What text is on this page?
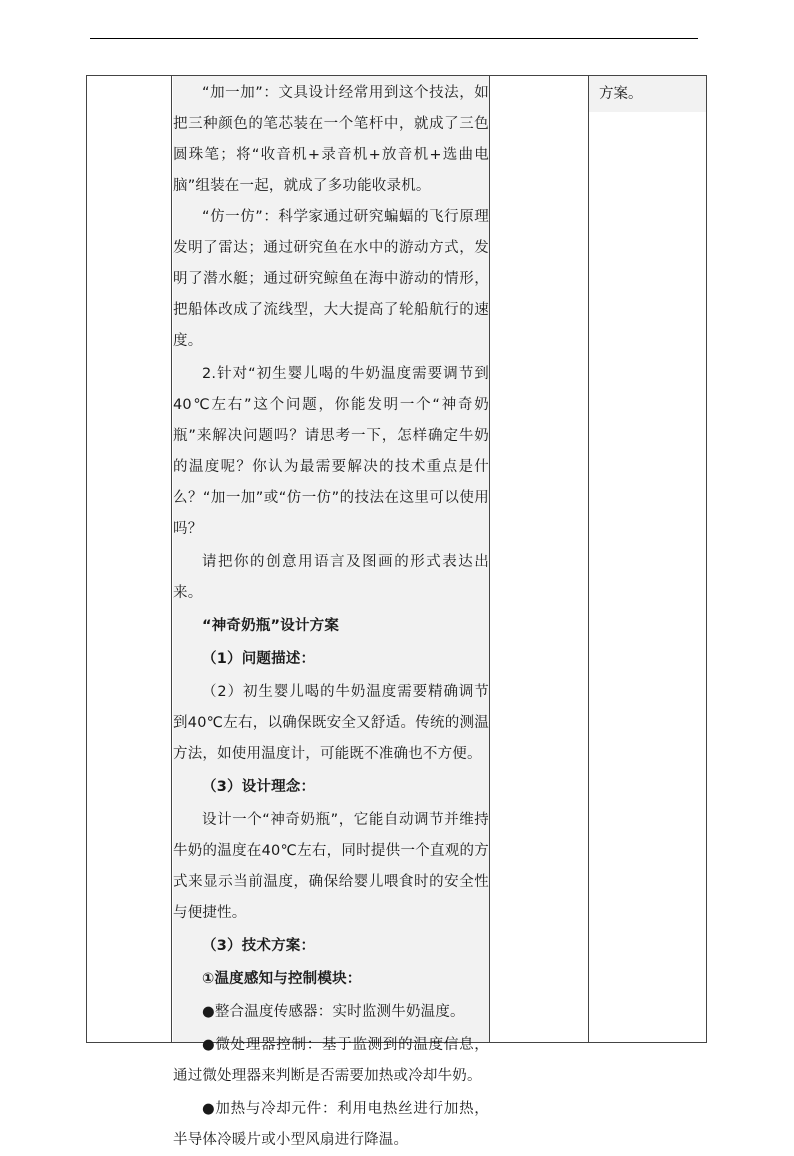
“加一加”：文具设计经常用到这个技法，如把三种颜色的笔芯装在一个笔杆中，就成了三色圆珠笔；将“收音机+录音机+放音机+选曲电脑”组装在一起，就成了多功能收录机。

“仿一仿”：科学家通过研究蝙蝠的飞行原理发明了雷达；通过研究鱼在水中的游动方式，发明了潜水艇；通过研究鲸鱼在海中游动的情形，把船体改成了流线型，大大提高了轮船航行的速度。

2.针对“初生婴儿喝的牛奶温度需要调节到40℃左右”这个问题，你能发明一个“神奇奶瓶”来解决问题吗？请思考一下，怎样确定牛奶的温度呢？你认为最需要解决的技术重点是什么？“加一加”或“仿一仿”的技法在这里可以使用吗？

请把你的创意用语言及图画的形式表达出来。

“神奇奶瓶”设计方案

（1）问题描述：

（2）初生婴儿喝的牛奶温度需要精确调节到40℃左右，以确保既安全又舒适。传统的测温方法，如使用温度计，可能既不准确也不方便。

（3）设计理念：

设计一个“神奇奶瓶”，它能自动调节并维持牛奶的温度在40℃左右，同时提供一个直观的方式来显示当前温度，确保给婴儿喂食时的安全性与便捷性。

（3）技术方案：

①温度感知与控制模块：

●整合温度传感器：实时监测牛奶温度。

●微处理器控制：基于监测到的温度信息，通过微处理器来判断是否需要加热或冷却牛奶。

●加热与冷却元件：利用电热丝进行加热，半导体冷暖片或小型风扇进行降温。

方案。
